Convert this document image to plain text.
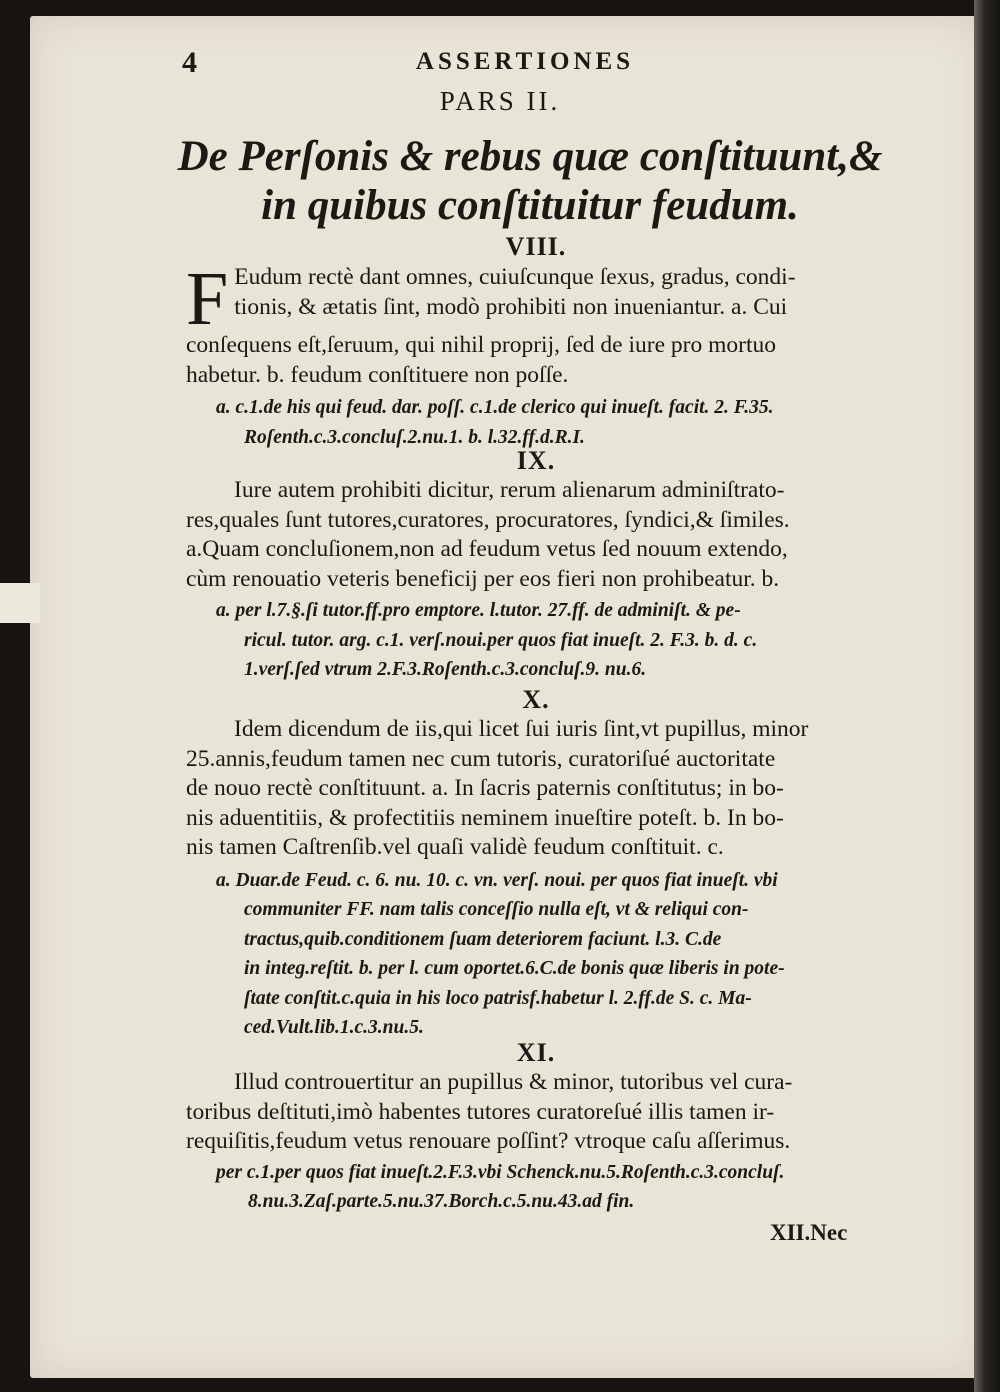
4	ASSERTIONES
PARS II.
De Perſonis & rebus quæ conſtituunt,&
in quibus conſtituitur feudum.
VIII.
F Eudum rectè dant omnes, cuiuſcunque ſexus, gradus, condi-
tionis, & ætatis ſint, modò prohibiti non inueniantur. a. Cui
conſequens eſt,ſeruum, qui nihil proprij, ſed de iure pro mortuo
habetur. b. feudum conſtituere non poſſe.
a. c.1.de his qui feud. dar. poſſ. c.1.de clerico qui inueſt. facit. 2. F.35.
Roſenth.c.3.concluſ.2.nu.1. b. l.32.ff.d.R.I.
IX.
Iure autem prohibiti dicitur, rerum alienarum adminiſtrato-
res,quales ſunt tutores,curatores, procuratores, ſyndici,& ſimiles.
a.Quam concluſionem,non ad feudum vetus ſed nouum extendo,
cùm renouatio veteris beneficij per eos fieri non prohibeatur. b.
a. per l.7.§.ſi tutor.ff.pro emptore. l.tutor. 27.ff. de adminiſt. & pe-
ricul. tutor. arg. c.1. verſ.noui.per quos fiat inueſt. 2. F.3. b. d. c.
1.verſ.ſed vtrum 2.F.3.Roſenth.c.3.concluſ.9. nu.6.
X.
Idem dicendum de iis,qui licet ſui iuris ſint,vt pupillus, minor
25.annis,feudum tamen nec cum tutoris, curatoriſué auctoritate
de nouo rectè conſtituunt. a. In ſacris paternis conſtitutus; in bo-
nis aduentitiis, & profectitiis neminem inueſtire poteſt. b. In bo-
nis tamen Caſtrenſib.vel quaſi validè feudum conſtituit. c.
a. Duar.de Feud. c. 6. nu. 10. c. vn. verſ. noui. per quos fiat inueſt. vbi
communiter FF. nam talis conceſſio nulla eſt, vt & reliqui con-
tractus,quib.conditionem ſuam deteriorem faciunt. l.3. C.de
in integ.reſtit. b. per l. cum oportet.6.C.de bonis quæ liberis in pote-
ſtate conſtit.c.quia in his loco patrisf.habetur l. 2.ff.de S. c. Ma-
ced.Vult.lib.1.c.3.nu.5.
XI.
Illud controuertitur an pupillus & minor, tutoribus vel cura-
toribus deſtituti,imò habentes tutores curatoreſué illis tamen ir-
requiſitis,feudum vetus renouare poſſint? vtroque caſu aſſerimus.
per c.1.per quos fiat inueſt.2.F.3.vbi Schenck.nu.5.Roſenth.c.3.concluſ.
8.nu.3.Zaſ.parte.5.nu.37.Borch.c.5.nu.43.ad fin.
XII.Nec
